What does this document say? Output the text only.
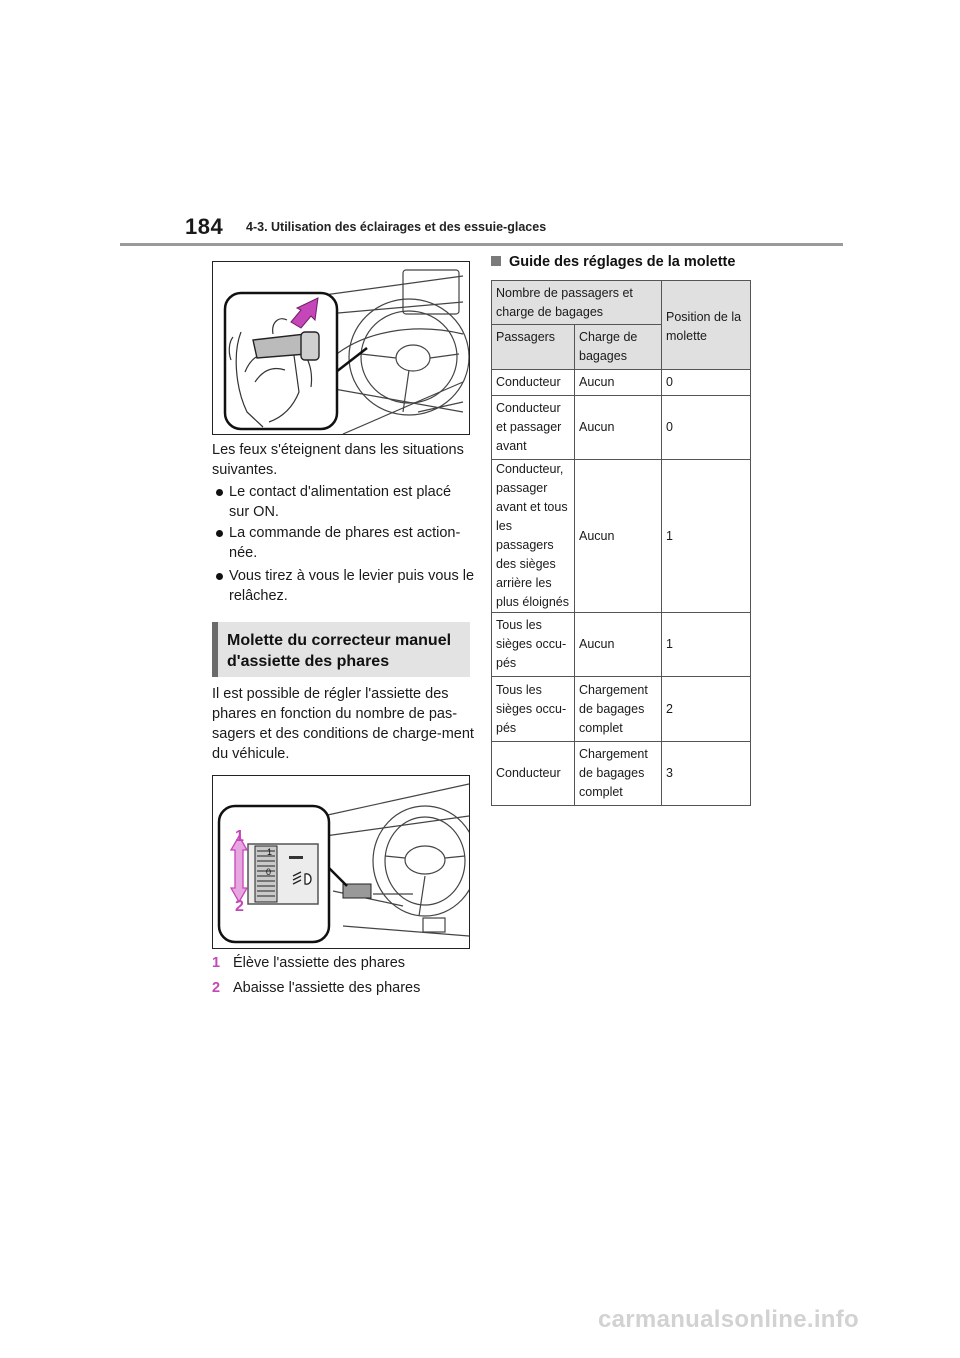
184 4-3. Utilisation des éclairages et des essuie-glaces

Les feux s'éteignent dans les situations suivantes.

Le contact d'alimentation est placé sur ON.
La commande de phares est action-née.
Vous tirez à vous le levier puis vous le relâchez.
Molette du correcteur manuel d'assiette des phares

Il est possible de régler l'assiette des phares en fonction du nombre de pas-sagers et des conditions de charge-ment du véhicule.

1
0
1
2
1 Élève l'assiette des phares
2 Abaisse l'assiette des phares
Guide des réglages de la molette
Nombre de passagers et charge de bagages		Position de la molette
Passagers	Charge de bagages	
Conducteur	Aucun	0
Conducteur et passager avant	Aucun	0
Conducteur, passager avant et tous les passagers des sièges arrière les plus éloignés	Aucun	1
Tous les sièges occu-pés	Aucun	1
Tous les sièges occu-pés	Chargement de bagages complet	2
Conducteur	Chargement de bagages complet	3
carmanualsonline.info
